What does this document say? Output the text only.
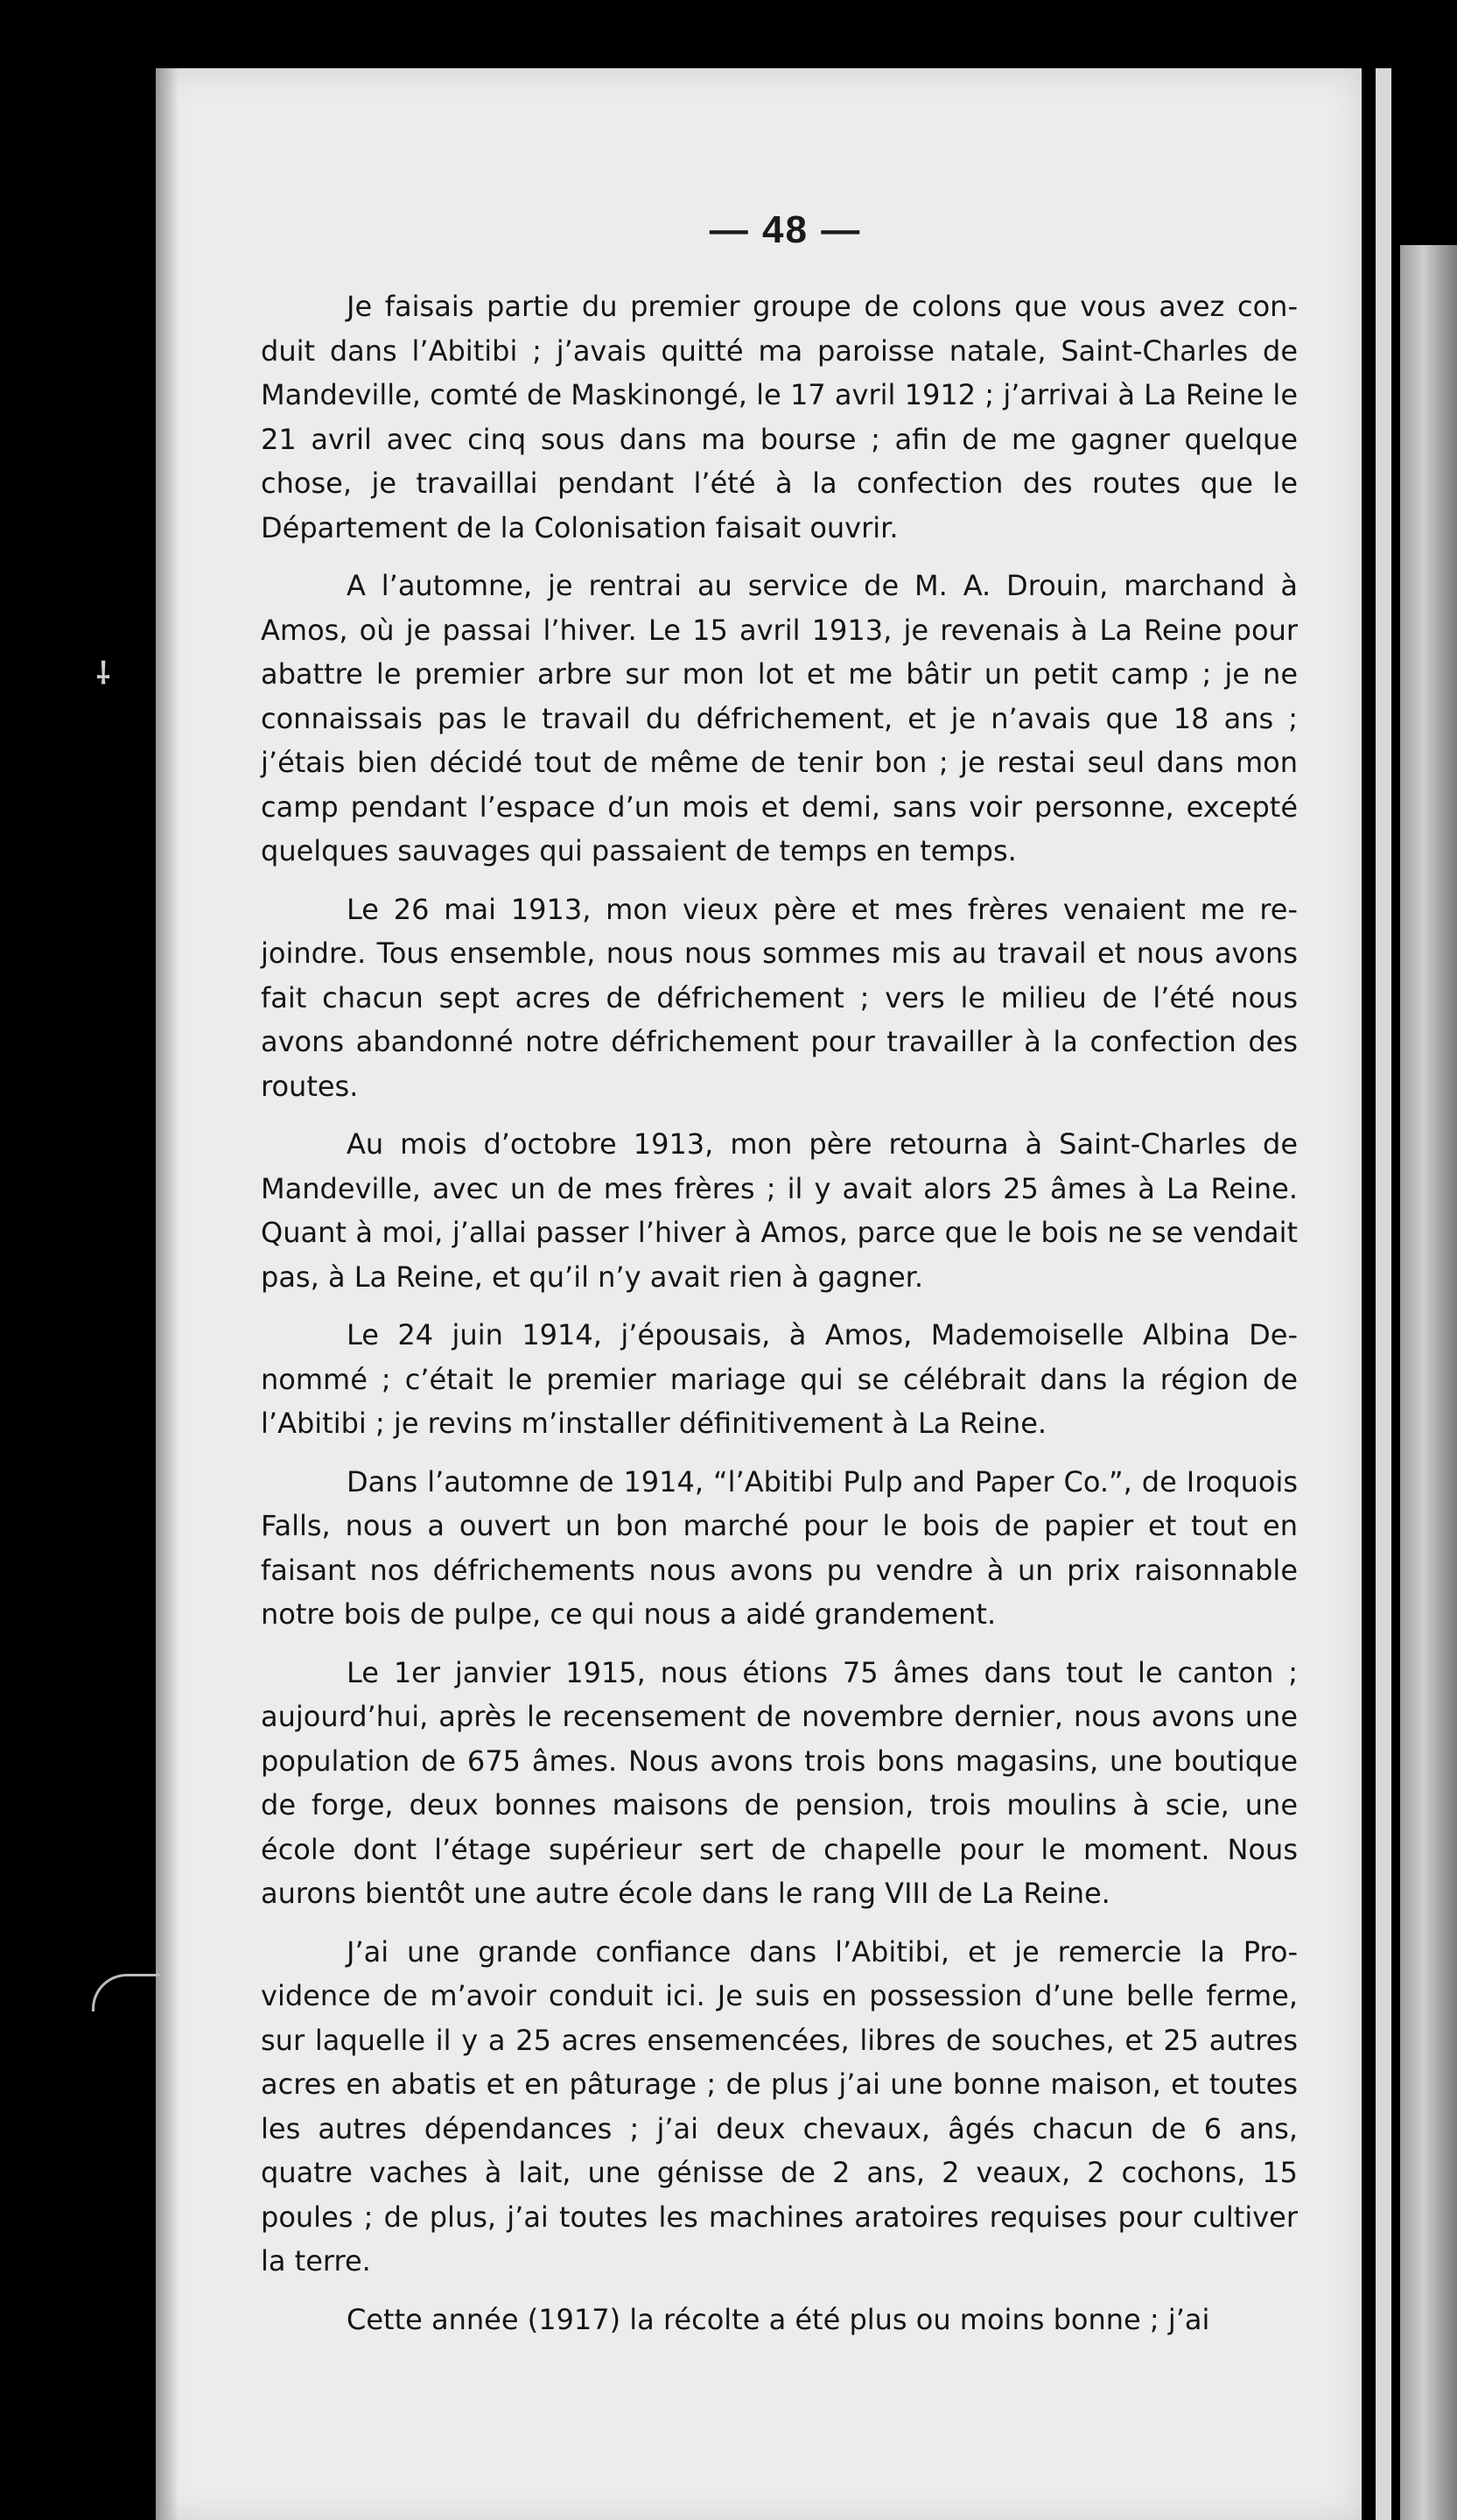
⸸
— 48 —

Je faisais partie du premier groupe de colons que vous avez conduit dans l’Abitibi ; j’avais quitté ma paroisse natale, Saint-Charles de Mandeville, comté de Maskinongé, le 17 avril 1912 ; j’arrivai à La Reine le 21 avril avec cinq sous dans ma bourse ; afin de me gagner quelque chose, je travaillai pendant l’été à la confection des routes que le Département de la Colonisation faisait ouvrir.

A l’automne, je rentrai au service de M. A. Drouin, marchand à Amos, où je passai l’hiver. Le 15 avril 1913, je revenais à La Reine pour abattre le premier arbre sur mon lot et me bâtir un petit camp ; je ne connaissais pas le travail du défrichement, et je n’avais que 18 ans ; j’étais bien décidé tout de même de tenir bon ; je restai seul dans mon camp pendant l’espace d’un mois et demi, sans voir personne, excepté quelques sauvages qui passaient de temps en temps.

Le 26 mai 1913, mon vieux père et mes frères venaient me rejoindre. Tous ensemble, nous nous sommes mis au travail et nous avons fait chacun sept acres de défrichement ; vers le milieu de l’été nous avons abandonné notre défrichement pour travailler à la confection des routes.

Au mois d’octobre 1913, mon père retourna à Saint-Charles de Mandeville, avec un de mes frères ; il y avait alors 25 âmes à La Reine. Quant à moi, j’allai passer l’hiver à Amos, parce que le bois ne se vendait pas, à La Reine, et qu’il n’y avait rien à gagner.

Le 24 juin 1914, j’épousais, à Amos, Mademoiselle Albina Denommé ; c’était le premier mariage qui se célébrait dans la région de l’Abitibi ; je revins m’installer définitivement à La Reine.

Dans l’automne de 1914, “l’Abitibi Pulp and Paper Co.”, de Iroquois Falls, nous a ouvert un bon marché pour le bois de papier et tout en faisant nos défrichements nous avons pu vendre à un prix raisonnable notre bois de pulpe, ce qui nous a aidé grandement.

Le 1er janvier 1915, nous étions 75 âmes dans tout le canton ; aujourd’hui, après le recensement de novembre dernier, nous avons une population de 675 âmes. Nous avons trois bons magasins, une boutique de forge, deux bonnes maisons de pension, trois moulins à scie, une école dont l’étage supérieur sert de chapelle pour le moment. Nous aurons bientôt une autre école dans le rang VIII de La Reine.

J’ai une grande confiance dans l’Abitibi, et je remercie la Providence de m’avoir conduit ici. Je suis en possession d’une belle ferme, sur laquelle il y a 25 acres ensemencées, libres de souches, et 25 autres acres en abatis et en pâturage ; de plus j’ai une bonne maison, et toutes les autres dépendances ; j’ai deux chevaux, âgés chacun de 6 ans, quatre vaches à lait, une génisse de 2 ans, 2 veaux, 2 cochons, 15 poules ; de plus, j’ai toutes les machines aratoires requises pour cultiver la terre.

Cette année (1917) la récolte a été plus ou moins bonne ; j’ai
